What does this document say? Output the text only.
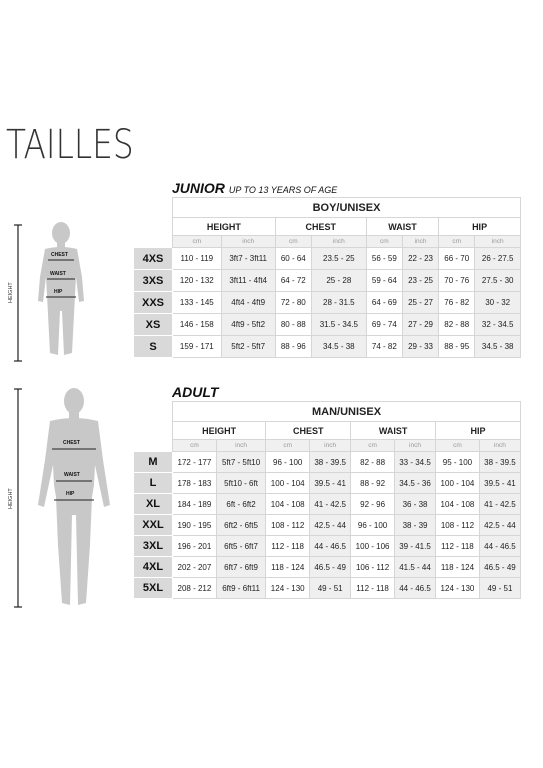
TAILLES
JUNIOR UP TO 13 YEARS OF AGE
HEIGHT
CHEST
WAIST
HIP
	BOY/UNISEX							
	HEIGHT		CHEST		WAIST		HIP	
	cm	inch	cm	inch	cm	inch	cm	inch
4XS	110 - 119	3ft7 - 3ft11	60 - 64	23.5 - 25	56 - 59	22 - 23	66 - 70	26 - 27.5
3XS	120 - 132	3ft11 - 4ft4	64 - 72	25 - 28	59 - 64	23 - 25	70 - 76	27.5 - 30
XXS	133 - 145	4ft4 - 4ft9	72 - 80	28 - 31.5	64 - 69	25 - 27	76 - 82	30 - 32
XS	146 - 158	4ft9 - 5ft2	80 - 88	31.5 - 34.5	69 - 74	27 - 29	82 - 88	32 - 34.5
S	159 - 171	5ft2 - 5ft7	88 - 96	34.5 - 38	74 - 82	29 - 33	88 - 95	34.5 - 38
ADULT
HEIGHT
CHEST
WAIST
HIP
	MAN/UNISEX							
	HEIGHT		CHEST		WAIST		HIP	
	cm	inch	cm	inch	cm	inch	cm	inch
M	172 - 177	5ft7 - 5ft10	96 - 100	38 - 39.5	82 - 88	33 - 34.5	95 - 100	38 - 39.5
L	178 - 183	5ft10 - 6ft	100 - 104	39.5 - 41	88 - 92	34.5 - 36	100 - 104	39.5 - 41
XL	184 - 189	6ft - 6ft2	104 - 108	41 - 42.5	92 - 96	36 - 38	104 - 108	41 - 42.5
XXL	190 - 195	6ft2 - 6ft5	108 - 112	42.5 - 44	96 - 100	38 - 39	108 - 112	42.5 - 44
3XL	196 - 201	6ft5 - 6ft7	112 - 118	44 - 46.5	100 - 106	39 - 41.5	112 - 118	44 - 46.5
4XL	202 - 207	6ft7 - 6ft9	118 - 124	46.5 - 49	106 - 112	41.5 - 44	118 - 124	46.5 - 49
5XL	208 - 212	6ft9 - 6ft11	124 - 130	49 - 51	112 - 118	44 - 46.5	124 - 130	49 - 51
